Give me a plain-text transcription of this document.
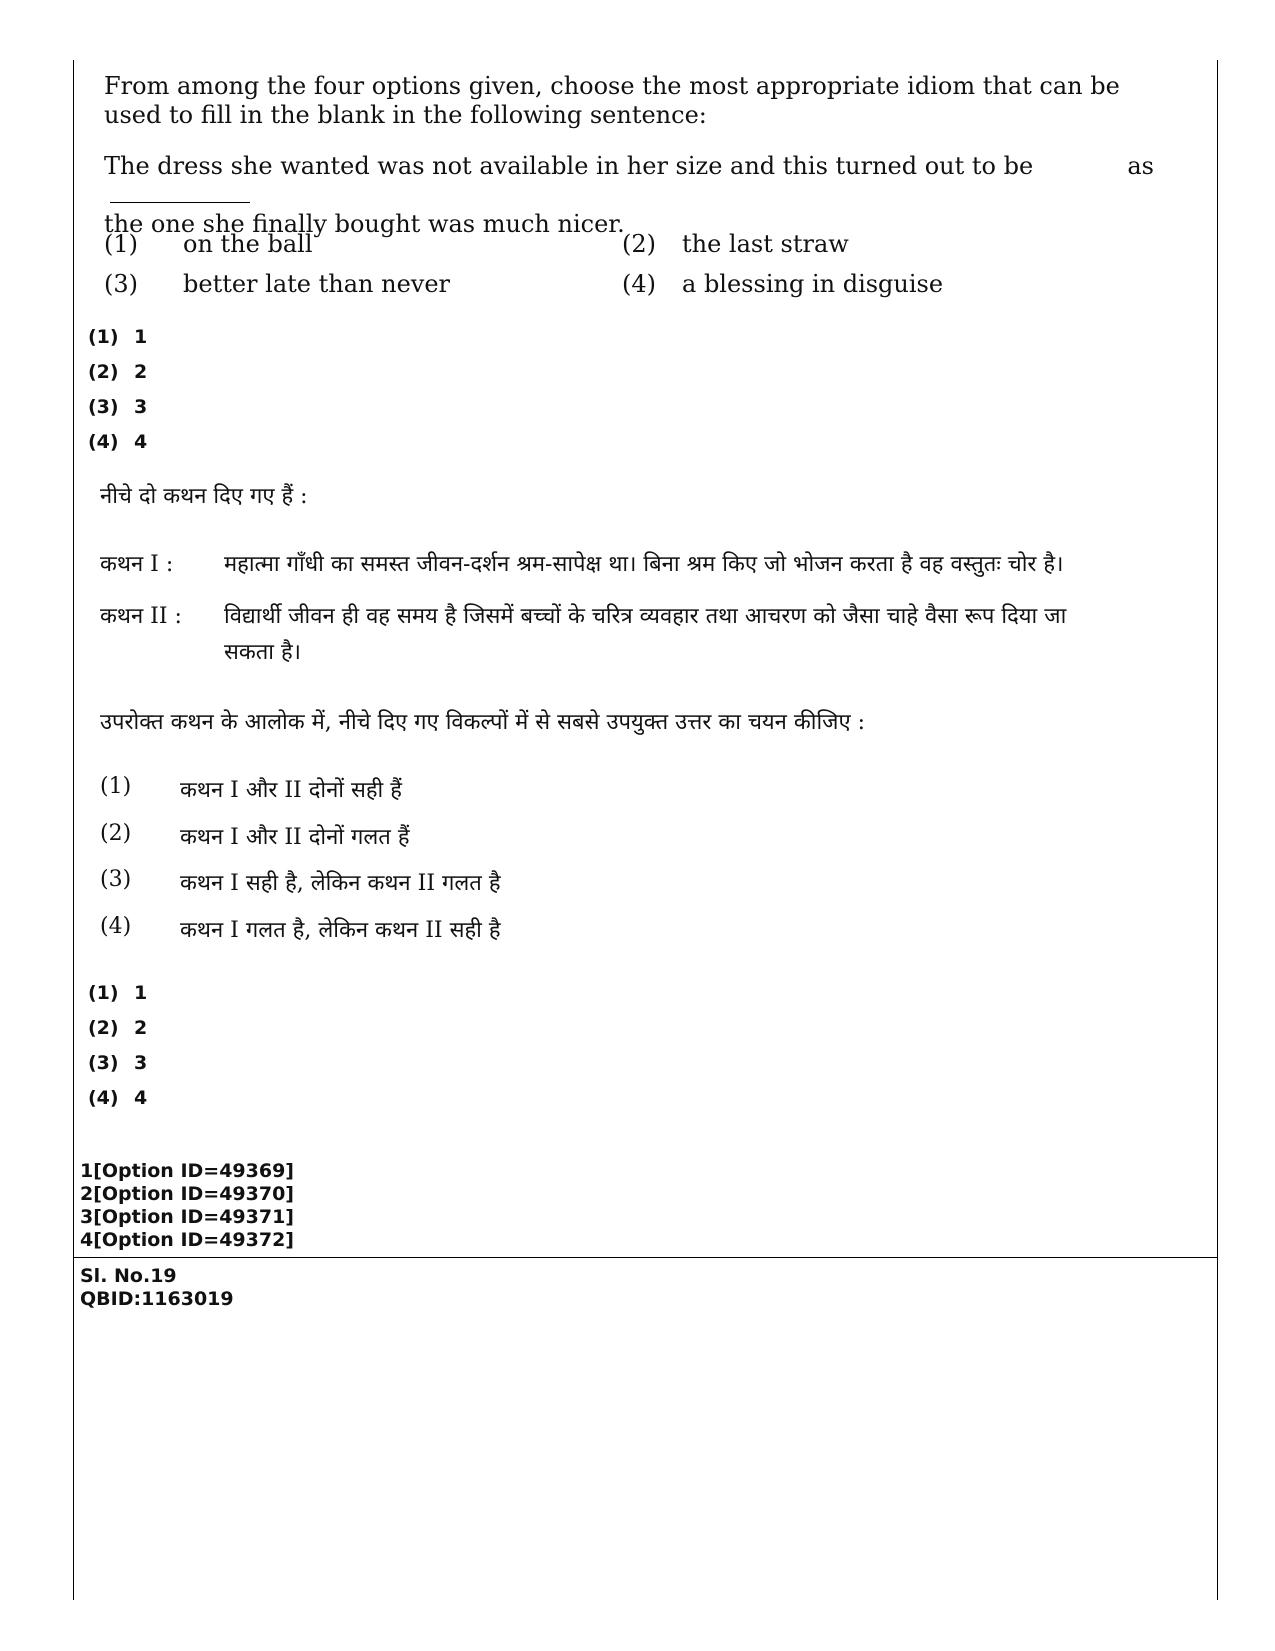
From among the four options given, choose the most appropriate idiom that can be used to fill in the blank in the following sentence:
The dress she wanted was not available in her size and this turned out to be	as
the one she finally bought was much nicer.
(1) on the ball	(2) the last straw
(3) better late than never	(4) a blessing in disguise
(1) 1
(2) 2
(3) 3
(4) 4
नीचे दो कथन दिए गए हैं :
कथन I : महात्मा गाँधी का समस्त जीवन-दर्शन श्रम-सापेक्ष था। बिना श्रम किए जो भोजन करता है वह वस्तुतः चोर है।
कथन II : विद्यार्थी जीवन ही वह समय है जिसमें बच्चों के चरित्र व्यवहार तथा आचरण को जैसा चाहे वैसा रूप दिया जा
सकता है।
उपरोक्त कथन के आलोक में, नीचे दिए गए विकल्पों में से सबसे उपयुक्त उत्तर का चयन कीजिए :
(1) कथन I और II दोनों सही हैं
(2) कथन I और II दोनों गलत हैं
(3) कथन I सही है, लेकिन कथन II गलत है
(4) कथन I गलत है, लेकिन कथन II सही है
(1) 1
(2) 2
(3) 3
(4) 4
1[Option ID=49369]
2[Option ID=49370]
3[Option ID=49371]
4[Option ID=49372]
Sl. No.19
QBID:1163019
